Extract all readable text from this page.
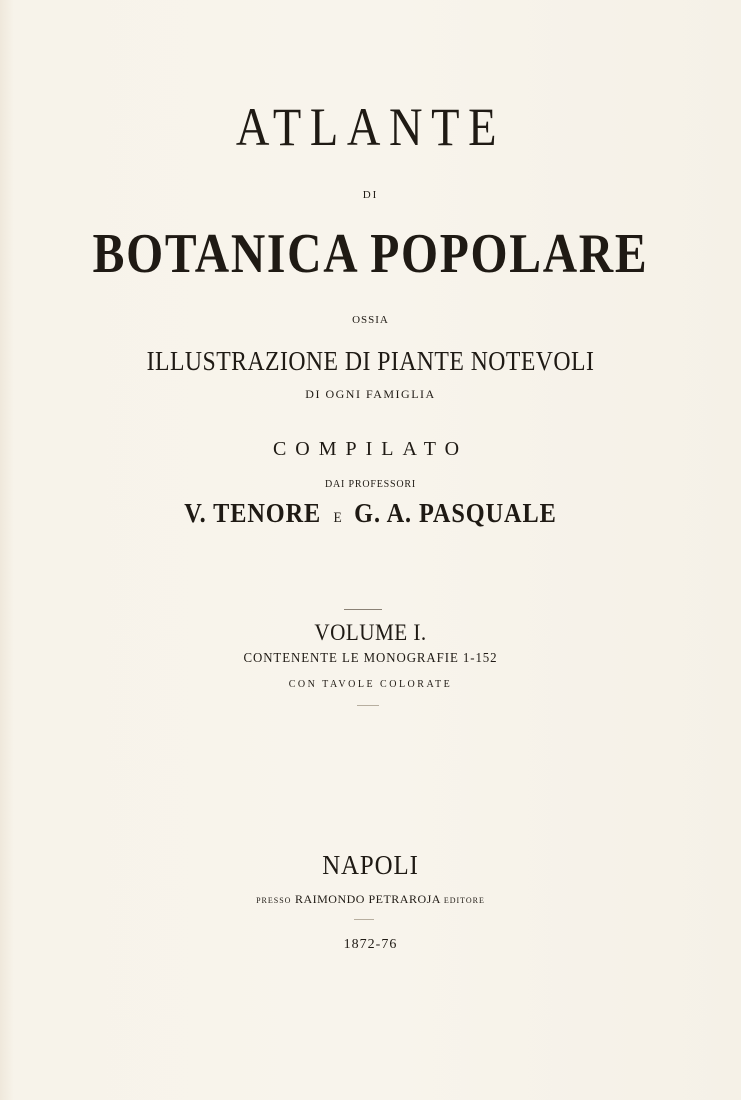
ATLANTE
DI
BOTANICA POPOLARE
OSSIA
ILLUSTRAZIONE DI PIANTE NOTEVOLI
DI OGNI FAMIGLIA
COMPILATO
DAI PROFESSORI
V. TENORE E G. A. PASQUALE
VOLUME I.
CONTENENTE LE MONOGRAFIE 1-152
CON TAVOLE COLORATE
NAPOLI
PRESSO RAIMONDO PETRAROJA EDITORE
1872-76
